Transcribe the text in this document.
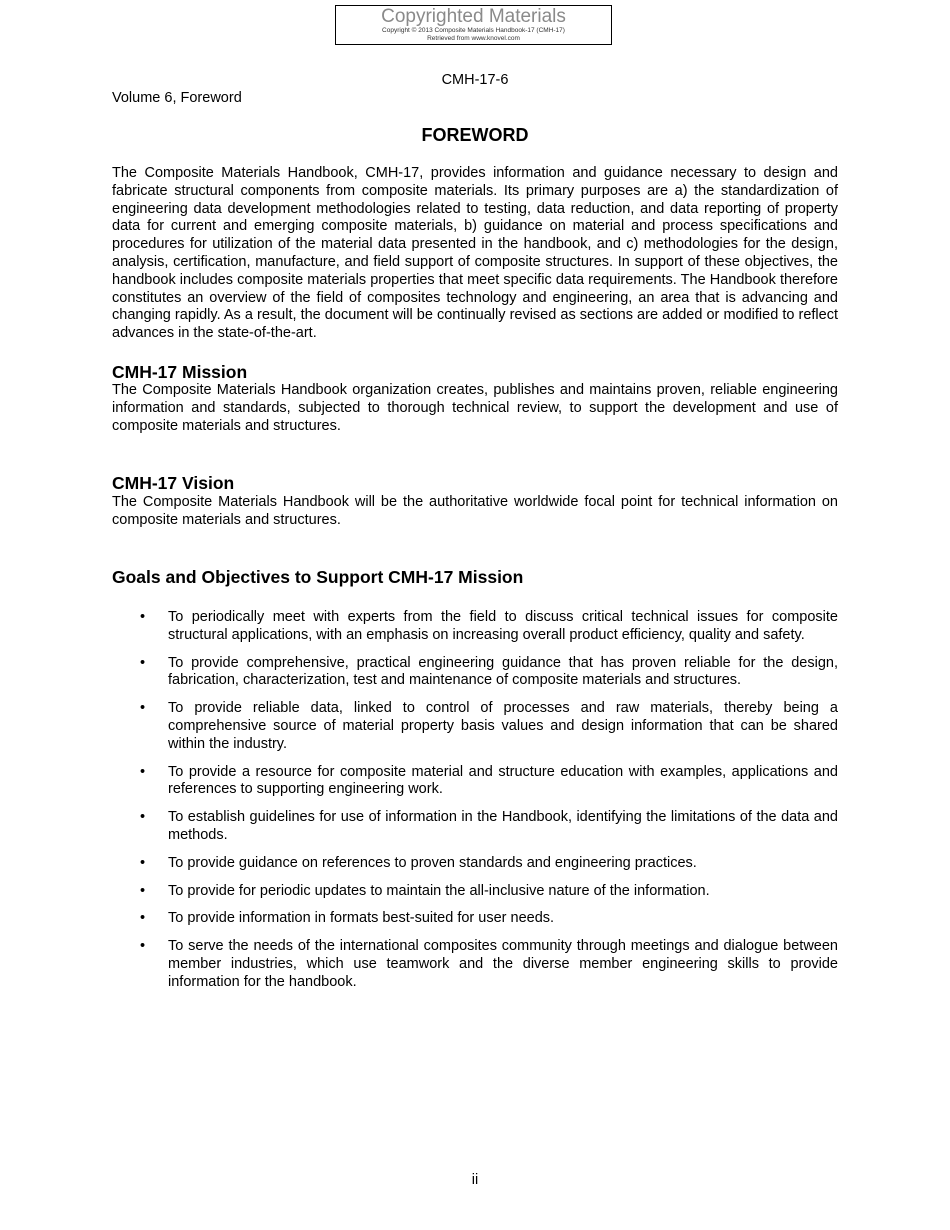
Copyrighted Materials
Copyright © 2013 Composite Materials Handbook-17 (CMH-17)
Retrieved from www.knovel.com
CMH-17-6
Volume 6, Foreword
FOREWORD

The Composite Materials Handbook, CMH-17, provides information and guidance necessary to design and fabricate structural components from composite materials. Its primary purposes are a) the standardization of engineering data development methodologies related to testing, data reduction, and data reporting of property data for current and emerging composite materials, b) guidance on material and process specifications and procedures for utilization of the material data presented in the handbook, and c) methodologies for the design, analysis, certification, manufacture, and field support of composite structures. In support of these objectives, the handbook includes composite materials properties that meet specific data requirements. The Handbook therefore constitutes an overview of the field of composites technology and engineering, an area that is advancing and changing rapidly. As a result, the document will be continually revised as sections are added or modified to reflect advances in the state-of-the-art.

CMH-17 Mission

The Composite Materials Handbook organization creates, publishes and maintains proven, reliable engineering information and standards, subjected to thorough technical review, to support the development and use of composite materials and structures.

CMH-17 Vision

The Composite Materials Handbook will be the authoritative worldwide focal point for technical information on composite materials and structures.

Goals and Objectives to Support CMH-17 Mission
• To periodically meet with experts from the field to discuss critical technical issues for composite structural applications, with an emphasis on increasing overall product efficiency, quality and safety.
• To provide comprehensive, practical engineering guidance that has proven reliable for the design, fabrication, characterization, test and maintenance of composite materials and structures.
• To provide reliable data, linked to control of processes and raw materials, thereby being a comprehensive source of material property basis values and design information that can be shared within the industry.
• To provide a resource for composite material and structure education with examples, applications and references to supporting engineering work.
• To establish guidelines for use of information in the Handbook, identifying the limitations of the data and methods.
• To provide guidance on references to proven standards and engineering practices.
• To provide for periodic updates to maintain the all-inclusive nature of the information.
• To provide information in formats best-suited for user needs.
• To serve the needs of the international composites community through meetings and dialogue between member industries, which use teamwork and the diverse member engineering skills to provide information for the handbook.
ii
